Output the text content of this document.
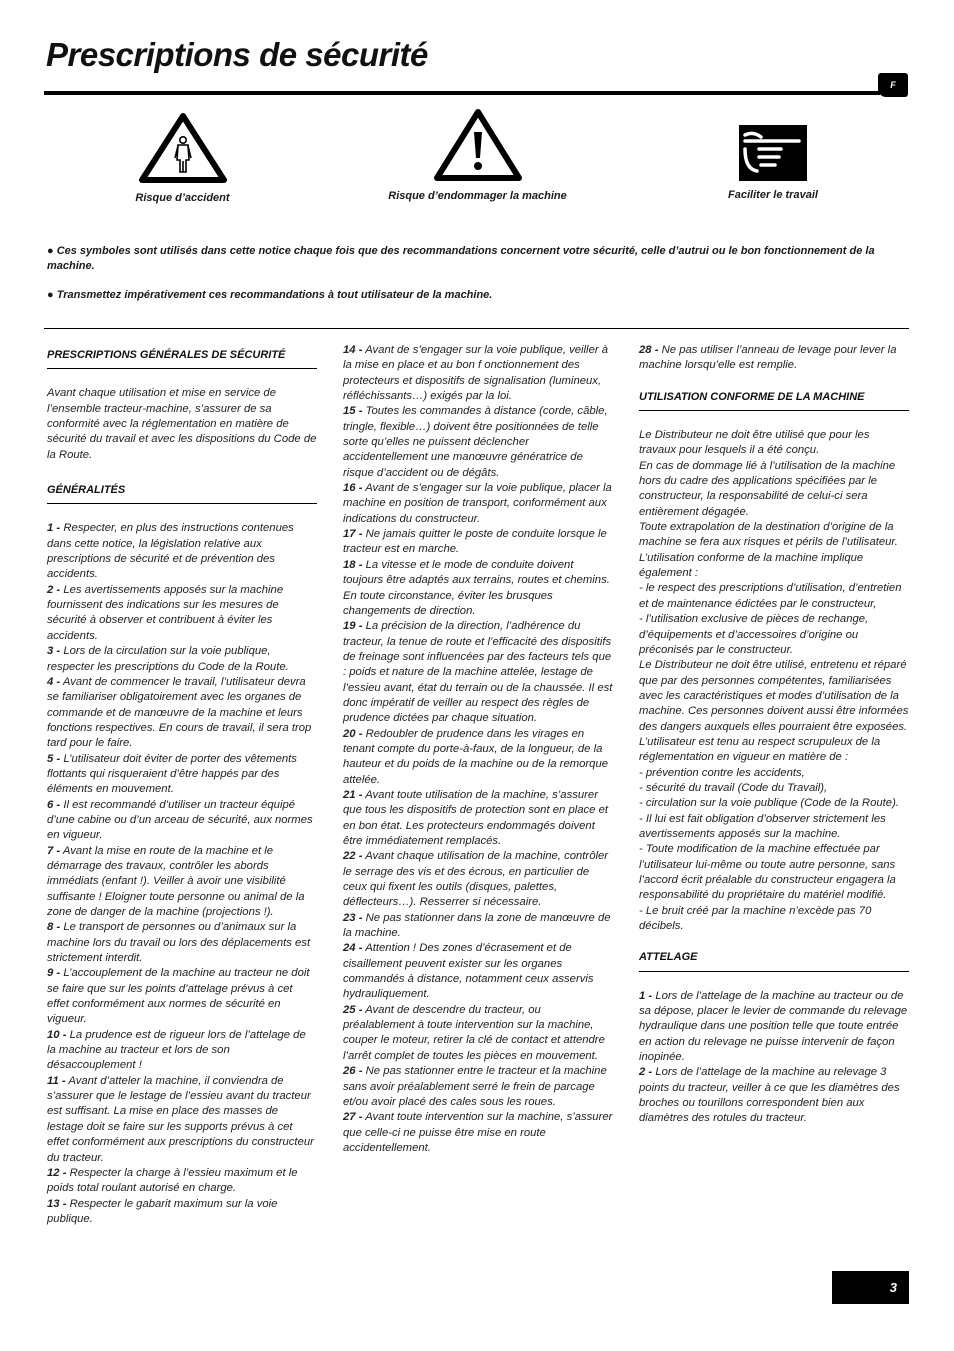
Prescriptions de sécurité
F
Risque d’accident	Risque d’endommager la machine	Faciliter le travail

● Ces symboles sont utilisés dans cette notice chaque fois que des recommandations concernent votre sécurité, celle d’autrui ou le bon fonctionnement de la machine.

● Transmettez impérativement ces recommandations à tout utilisateur de la machine.

PRESCRIPTIONS GÉNÉRALES DE SÉCURITÉ

Avant chaque utilisation et mise en service de l’ensemble tracteur-machine, s’assurer de sa conformité avec la réglementation en matière de sécurité du travail et avec les dispositions du Code de la Route.

GÉNÉRALITÉS

1 - Respecter, en plus des instructions contenues dans cette notice, la législation relative aux prescriptions de sécurité et de prévention des accidents.

2 - Les avertissements apposés sur la machine fournissent des indications sur les mesures de sécurité à observer et contribuent à éviter les accidents.

3 - Lors de la circulation sur la voie publique, respecter les prescriptions du Code de la Route.

4 - Avant de commencer le travail, l’utilisateur devra se familiariser obligatoirement avec les organes de commande et de manœuvre de la machine et leurs fonctions respectives. En cours de travail, il sera trop tard pour le faire.

5 - L’utilisateur doit éviter de porter des vêtements flottants qui risqueraient d’être happés par des éléments en mouvement.

6 - Il est recommandé d’utiliser un tracteur équipé d’une cabine ou d’un arceau de sécurité, aux normes en vigueur.

7 - Avant la mise en route de la machine et le démarrage des travaux, contrôler les abords immédiats (enfant !). Veiller à avoir une visibilité suffisante ! Eloigner toute personne ou animal de la zone de danger de la machine (projections !).

8 - Le transport de personnes ou d’animaux sur la machine lors du travail ou lors des déplacements est strictement interdit.

9 - L’accouplement de la machine au tracteur ne doit se faire que sur les points d’attelage prévus à cet effet conformément aux normes de sécurité en vigueur.

10 - La prudence est de rigueur lors de l’attelage de la machine au tracteur et lors de son désaccouplement !

11 - Avant d’atteler la machine, il conviendra de s’assurer que le lestage de l’essieu avant du tracteur est suffisant. La mise en place des masses de lestage doit se faire sur les supports prévus à cet effet conformément aux prescriptions du constructeur du tracteur.

12 - Respecter la charge à l’essieu maximum et le poids total roulant autorisé en charge.

13 - Respecter le gabarit maximum sur la voie publique.

14 - Avant de s’engager sur la voie publique, veiller à la mise en place et au bon f onctionnement des protecteurs et dispositifs de signalisation (lumineux, réfléchissants…) exigés par la loi.

15 - Toutes les commandes à distance (corde, câble, tringle, flexible…) doivent être positionnées de telle sorte qu’elles ne puissent déclencher accidentellement une manœuvre génératrice de risque d’accident ou de dégâts.

16 - Avant de s’engager sur la voie publique, placer la machine en position de transport, conformément aux indications du constructeur.

17 - Ne jamais quitter le poste de conduite lorsque le tracteur est en marche.

18 - La vitesse et le mode de conduite doivent toujours être adaptés aux terrains, routes et chemins. En toute circonstance, éviter les brusques changements de direction.

19 - La précision de la direction, l’adhérence du tracteur, la tenue de route et l’efficacité des dispositifs de freinage sont influencées par des facteurs tels que : poids et nature de la machine attelée, lestage de l’essieu avant, état du terrain ou de la chaussée. Il est donc impératif de veiller au respect des règles de prudence dictées par chaque situation.

20 - Redoubler de prudence dans les virages en tenant compte du porte-à-faux, de la longueur, de la hauteur et du poids de la machine ou de la remorque attelée.

21 - Avant toute utilisation de la machine, s’assurer que tous les dispositifs de protection sont en place et en bon état. Les protecteurs endommagés doivent être immédiatement remplacés.

22 - Avant chaque utilisation de la machine, contrôler le serrage des vis et des écrous, en particulier de ceux qui fixent les outils (disques, palettes, déflecteurs…). Resserrer si nécessaire.

23 - Ne pas stationner dans la zone de manœuvre de la machine.

24 - Attention ! Des zones d’écrasement et de cisaillement peuvent exister sur les organes commandés à distance, notamment ceux asservis hydrauliquement.

25 - Avant de descendre du tracteur, ou préalablement à toute intervention sur la machine, couper le moteur, retirer la clé de contact et attendre l’arrêt complet de toutes les pièces en mouvement.

26 - Ne pas stationner entre le tracteur et la machine sans avoir préalablement serré le frein de parcage et/ou avoir placé des cales sous les roues.

27 - Avant toute intervention sur la machine, s’assurer que celle-ci ne puisse être mise en route accidentellement.

28 - Ne pas utiliser l’anneau de levage pour lever la machine lorsqu’elle est remplie.

UTILISATION CONFORME DE LA MACHINE

Le Distributeur ne doit être utilisé que pour les travaux pour lesquels il a été conçu.

En cas de dommage lié à l’utilisation de la machine hors du cadre des applications spécifiées par le constructeur, la responsabilité de celui-ci sera entièrement dégagée.

Toute extrapolation de la destination d’origine de la machine se fera aux risques et périls de l’utilisateur.

L’utilisation conforme de la machine implique également :

- le respect des prescriptions d’utilisation, d’entretien et de maintenance édictées par le constructeur,

- l’utilisation exclusive de pièces de rechange, d’équipements et d’accessoires d’origine ou préconisés par le constructeur.

Le Distributeur ne doit être utilisé, entretenu et réparé que par des personnes compétentes, familiarisées avec les caractéristiques et modes d’utilisation de la machine. Ces personnes doivent aussi être informées des dangers auxquels elles pourraient être exposées.

L’utilisateur est tenu au respect scrupuleux de la réglementation en vigueur en matière de :

- prévention contre les accidents,

- sécurité du travail (Code du Travail),

- circulation sur la voie publique (Code de la Route).

- Il lui est fait obligation d’observer strictement les avertissements apposés sur la machine.

- Toute modification de la machine effectuée par l’utilisateur lui-même ou toute autre personne, sans l’accord écrit préalable du constructeur engagera la responsabilité du propriétaire du matériel modifié.

- Le bruit créé par la machine n’excède pas 70 décibels.

ATTELAGE

1 - Lors de l’attelage de la machine au tracteur ou de sa dépose, placer le levier de commande du relevage hydraulique dans une position telle que toute entrée en action du relevage ne puisse intervenir de façon inopinée.

2 - Lors de l’attelage de la machine au relevage 3 points du tracteur, veiller à ce que les diamètres des broches ou tourillons correspondent bien aux diamètres des rotules du tracteur.

3
